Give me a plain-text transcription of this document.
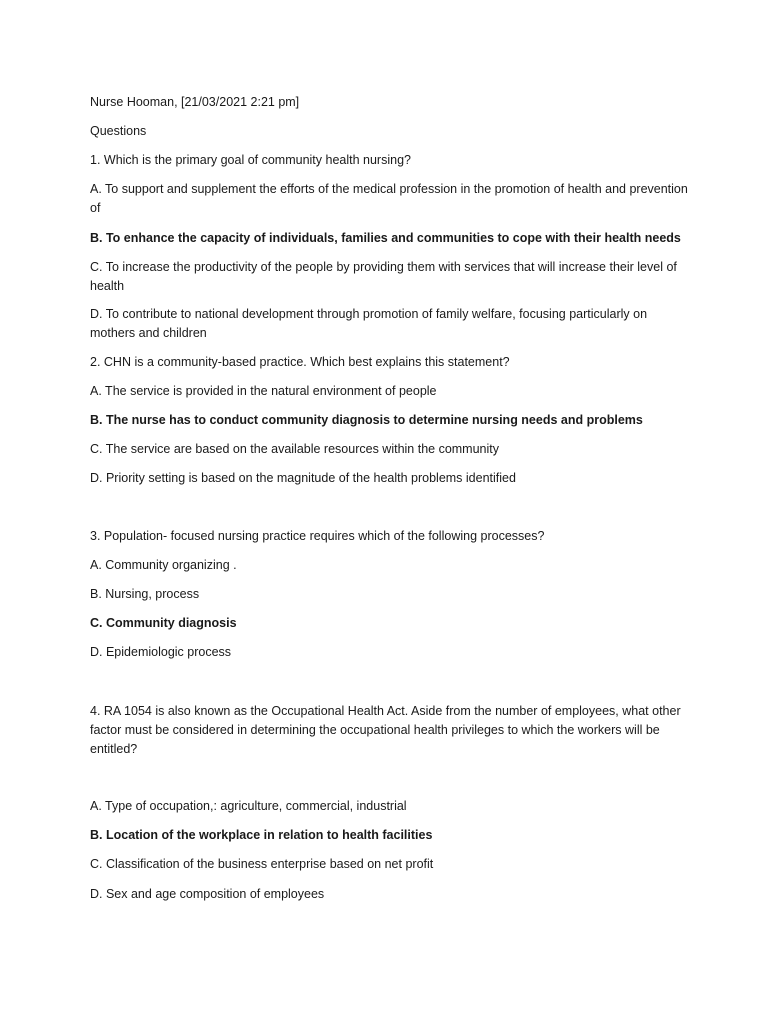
Nurse Hooman, [21/03/2021 2:21 pm]

Questions

1. Which is the primary goal of community health nursing?

A. To support and supplement the efforts of the medical profession in the promotion of health and prevention of

B. To enhance the capacity of individuals, families and communities to cope with their health needs

C. To increase the productivity of the people by providing them with services that will increase their level of health

D. To contribute to national development through promotion of family welfare, focusing particularly on mothers and children

2. CHN is a community-based practice. Which best explains this statement?

A. The service is provided in the natural environment of people

B. The nurse has to conduct community diagnosis to determine nursing needs and problems

C. The service are based on the available resources within the community

D. Priority setting is based on the magnitude of the health problems identified

3. Population- focused nursing practice requires which of the following processes?

A. Community organizing .

B. Nursing, process

C. Community diagnosis

D. Epidemiologic process

4. RA 1054 is also known as the Occupational Health Act. Aside from the number of employees, what other factor must be considered in determining the occupational health privileges to which the workers will be entitled?

A. Type of occupation,: agriculture, commercial, industrial

B. Location of the workplace in relation to health facilities

C. Classification of the business enterprise based on net profit

D. Sex and age composition of employees
